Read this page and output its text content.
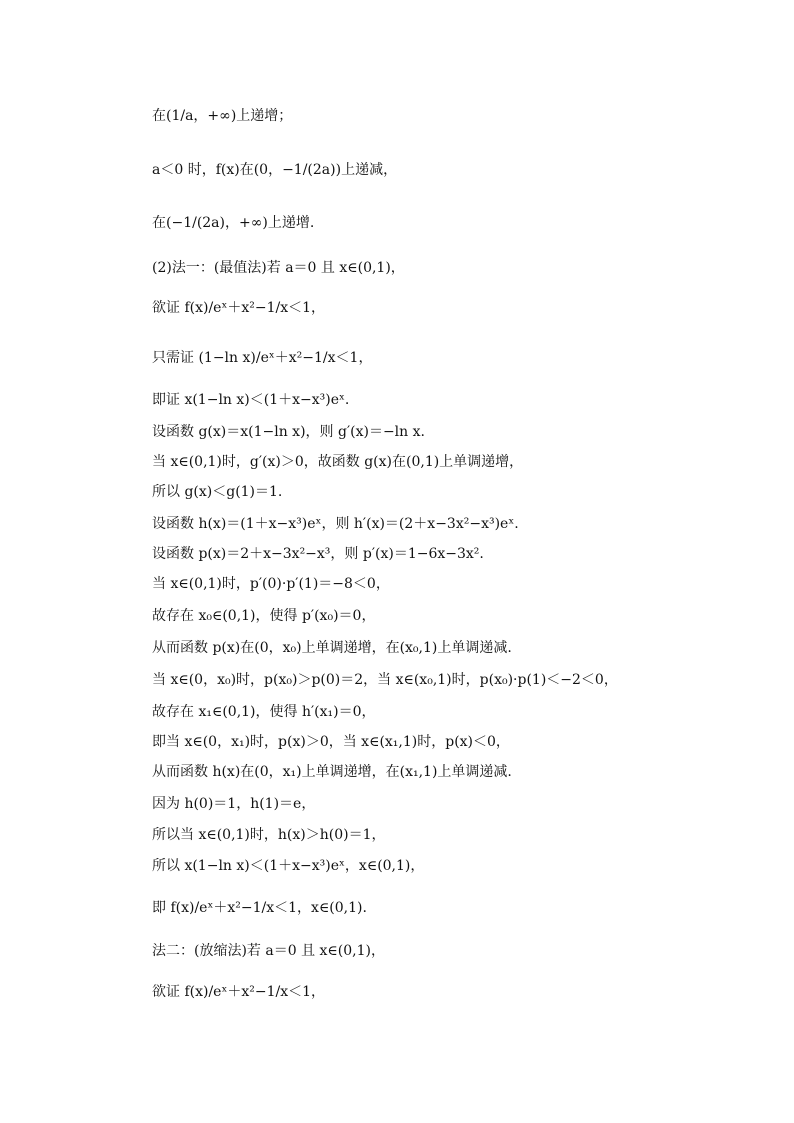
在(1/a，+∞)上递增；
a＜0 时，f(x)在(0，−1/(2a))上递减，
在(−1/(2a)，+∞)上递增.
(2)法一：(最值法)若 a＝0 且 x∈(0,1)，
欲证 f(x)/eˣ＋x²−1/x＜1，
只需证 (1−ln x)/eˣ＋x²−1/x＜1，
即证 x(1−ln x)＜(1＋x−x³)eˣ.
设函数 g(x)＝x(1−ln x)，则 g′(x)＝−ln x.
当 x∈(0,1)时，g′(x)＞0，故函数 g(x)在(0,1)上单调递增，
所以 g(x)＜g(1)＝1.
设函数 h(x)＝(1＋x−x³)eˣ，则 h′(x)＝(2＋x−3x²−x³)eˣ.
设函数 p(x)＝2＋x−3x²−x³，则 p′(x)＝1−6x−3x².
当 x∈(0,1)时，p′(0)·p′(1)＝−8＜0，
故存在 x₀∈(0,1)，使得 p′(x₀)＝0，
从而函数 p(x)在(0，x₀)上单调递增，在(x₀,1)上单调递减.
当 x∈(0，x₀)时，p(x₀)＞p(0)＝2，当 x∈(x₀,1)时，p(x₀)·p(1)＜−2＜0，
故存在 x₁∈(0,1)，使得 h′(x₁)＝0，
即当 x∈(0，x₁)时，p(x)＞0，当 x∈(x₁,1)时，p(x)＜0，
从而函数 h(x)在(0，x₁)上单调递增，在(x₁,1)上单调递减.
因为 h(0)＝1，h(1)＝e，
所以当 x∈(0,1)时，h(x)＞h(0)＝1，
所以 x(1−ln x)＜(1＋x−x³)eˣ，x∈(0,1)，
即 f(x)/eˣ＋x²−1/x＜1，x∈(0,1).
法二：(放缩法)若 a＝0 且 x∈(0,1)，
欲证 f(x)/eˣ＋x²−1/x＜1，
